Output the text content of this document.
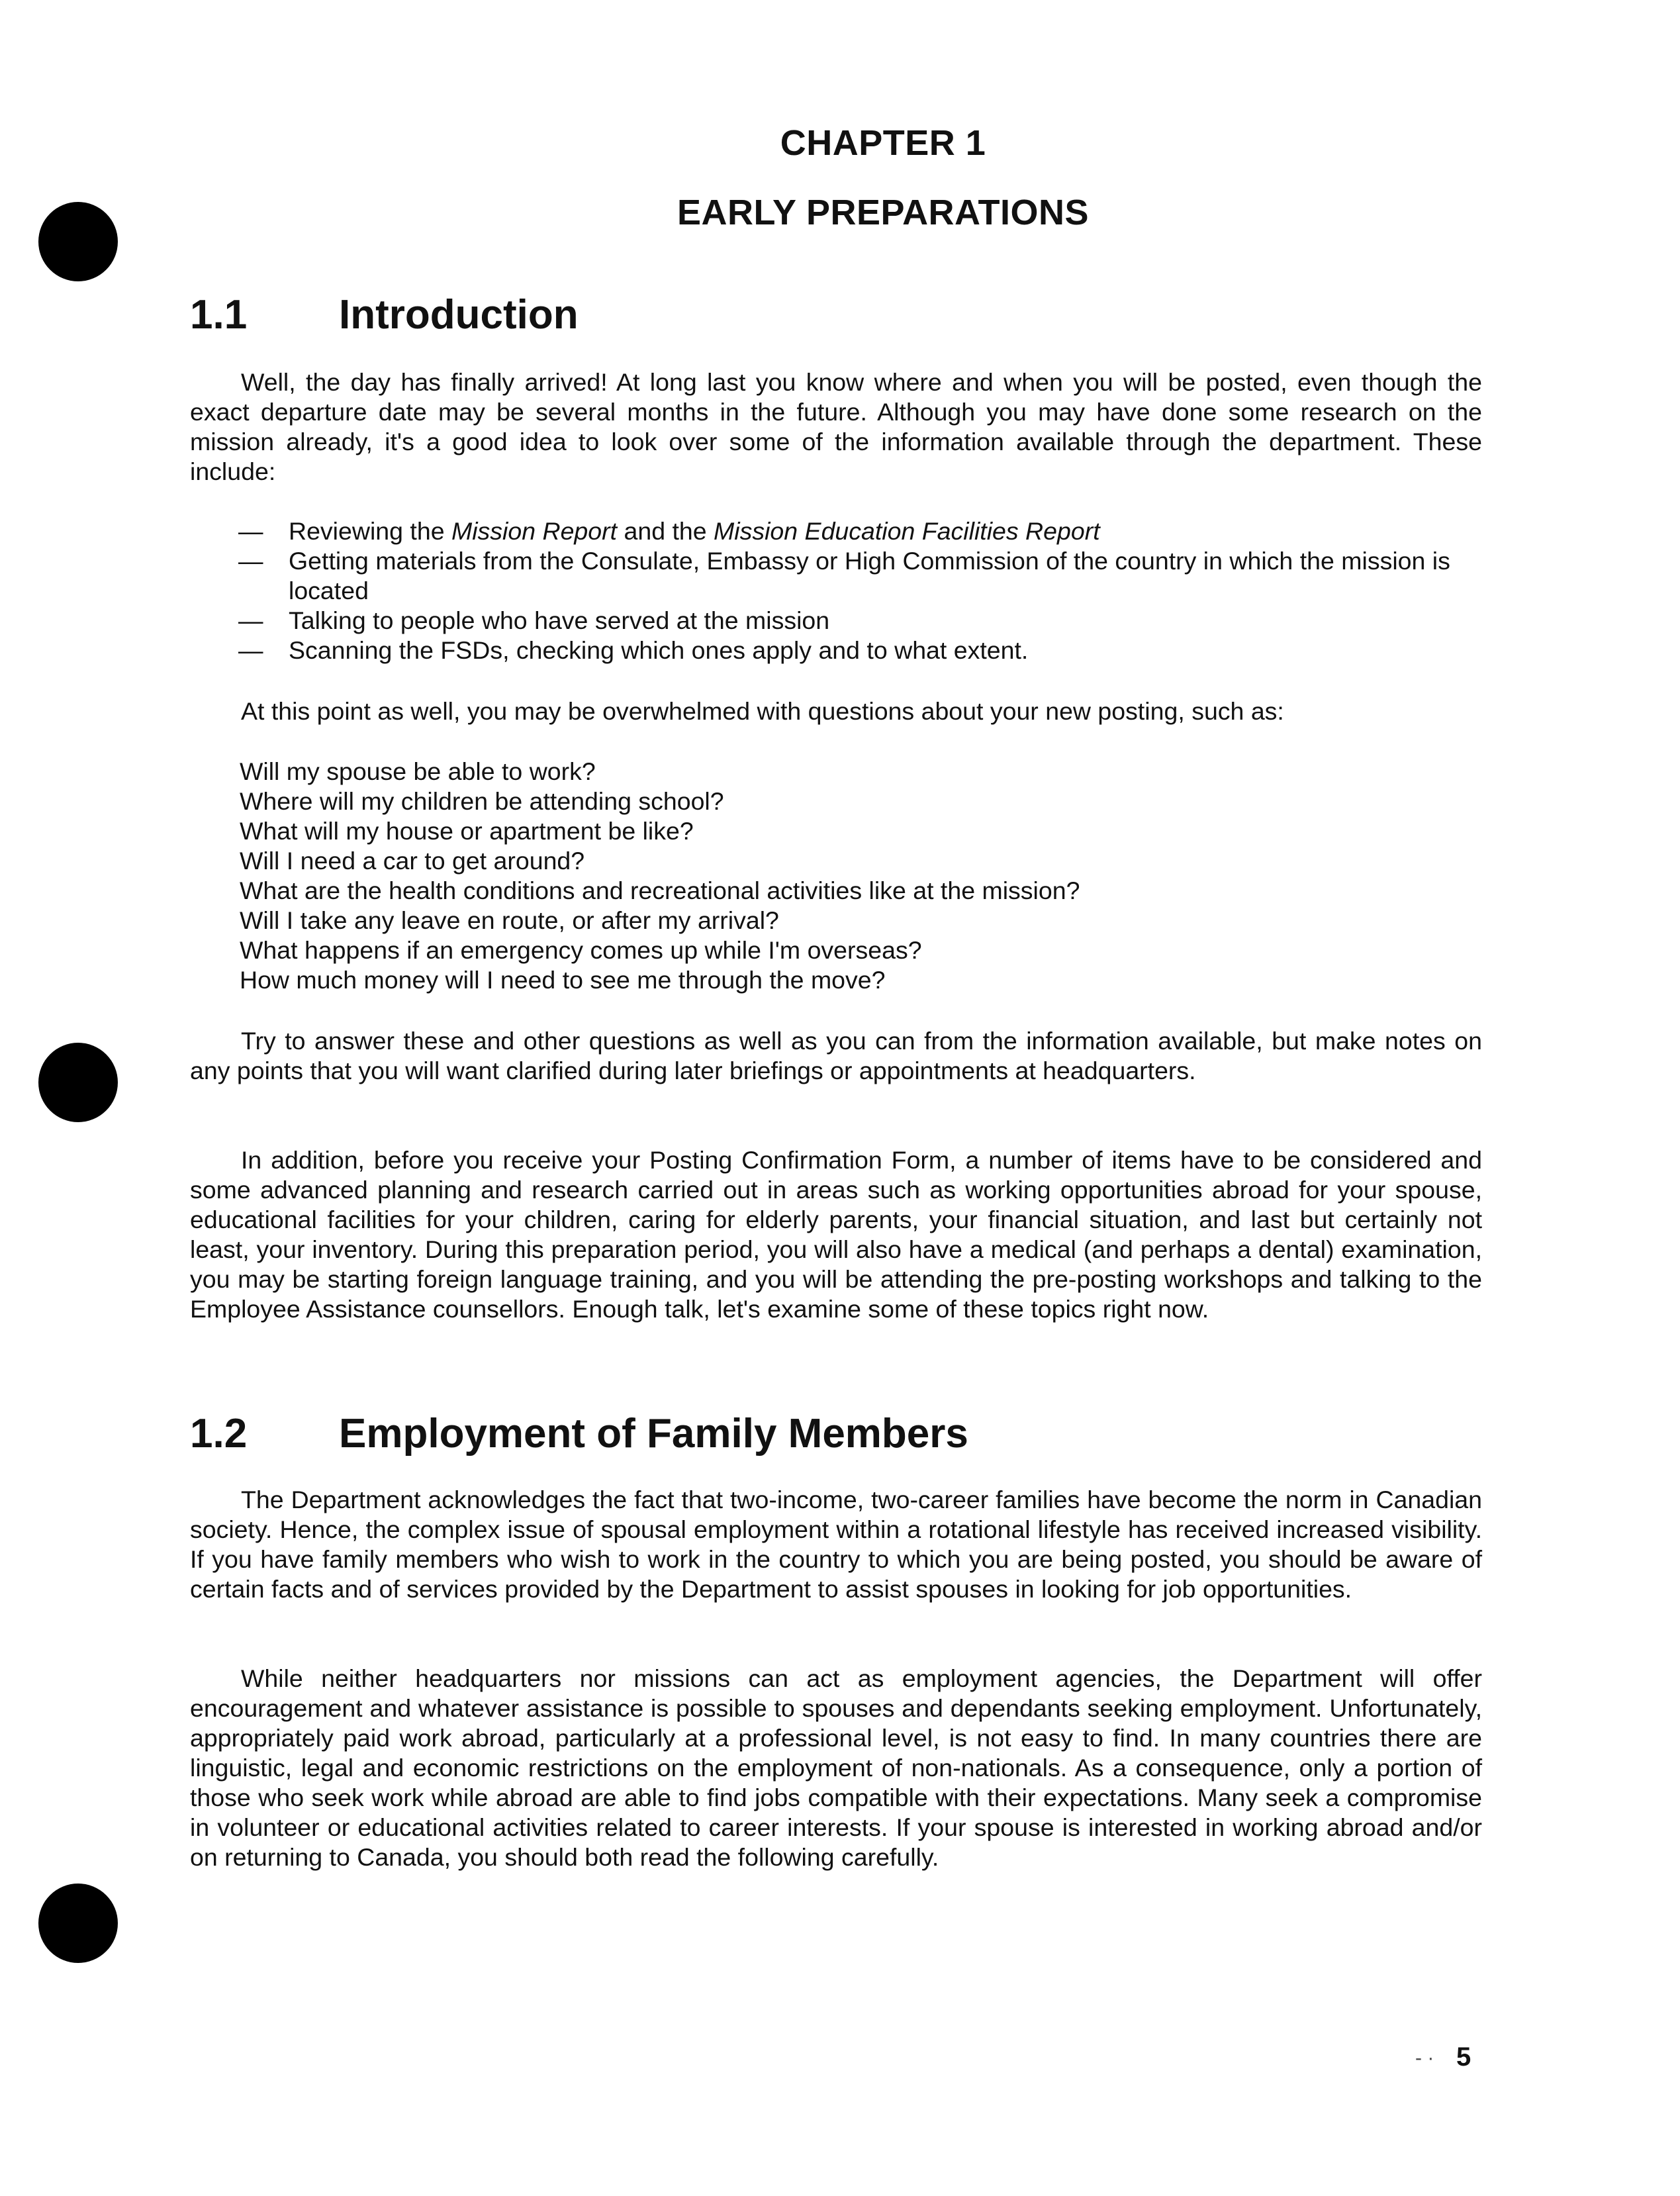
CHAPTER 1
EARLY PREPARATIONS
1.1 Introduction
Well, the day has finally arrived! At long last you know where and when you will be posted, even though the exact departure date may be several months in the future. Although you may have done some research on the mission already, it's a good idea to look over some of the information available through the department. These include:
— Reviewing the Mission Report and the Mission Education Facilities Report
— Getting materials from the Consulate, Embassy or High Commission of the country in which the mission is located
— Talking to people who have served at the mission
— Scanning the FSDs, checking which ones apply and to what extent.
At this point as well, you may be overwhelmed with questions about your new posting, such as:
Will my spouse be able to work?
Where will my children be attending school?
What will my house or apartment be like?
Will I need a car to get around?
What are the health conditions and recreational activities like at the mission?
Will I take any leave en route, or after my arrival?
What happens if an emergency comes up while I'm overseas?
How much money will I need to see me through the move?
Try to answer these and other questions as well as you can from the information available, but make notes on any points that you will want clarified during later briefings or appointments at headquarters.
In addition, before you receive your Posting Confirmation Form, a number of items have to be considered and some advanced planning and research carried out in areas such as working opportunities abroad for your spouse, educational facilities for your children, caring for elderly parents, your financial situation, and last but certainly not least, your inventory. During this preparation period, you will also have a medical (and perhaps a dental) examination, you may be starting foreign language training, and you will be attending the pre-posting workshops and talking to the Employee Assistance counsellors. Enough talk, let's examine some of these topics right now.
1.2 Employment of Family Members
The Department acknowledges the fact that two-income, two-career families have become the norm in Canadian society. Hence, the complex issue of spousal employment within a rotational lifestyle has received increased visibility. If you have family members who wish to work in the country to which you are being posted, you should be aware of certain facts and of services provided by the Department to assist spouses in looking for job opportunities.
While neither headquarters nor missions can act as employment agencies, the Department will offer encouragement and whatever assistance is possible to spouses and dependants seeking employment. Unfortunately, appropriately paid work abroad, particularly at a professional level, is not easy to find. In many countries there are linguistic, legal and economic restrictions on the employment of non-nationals. As a consequence, only a portion of those who seek work while abroad are able to find jobs compatible with their expectations. Many seek a compromise in volunteer or educational activities related to career interests. If your spouse is interested in working abroad and/or on returning to Canada, you should both read the following carefully.
- · 5
